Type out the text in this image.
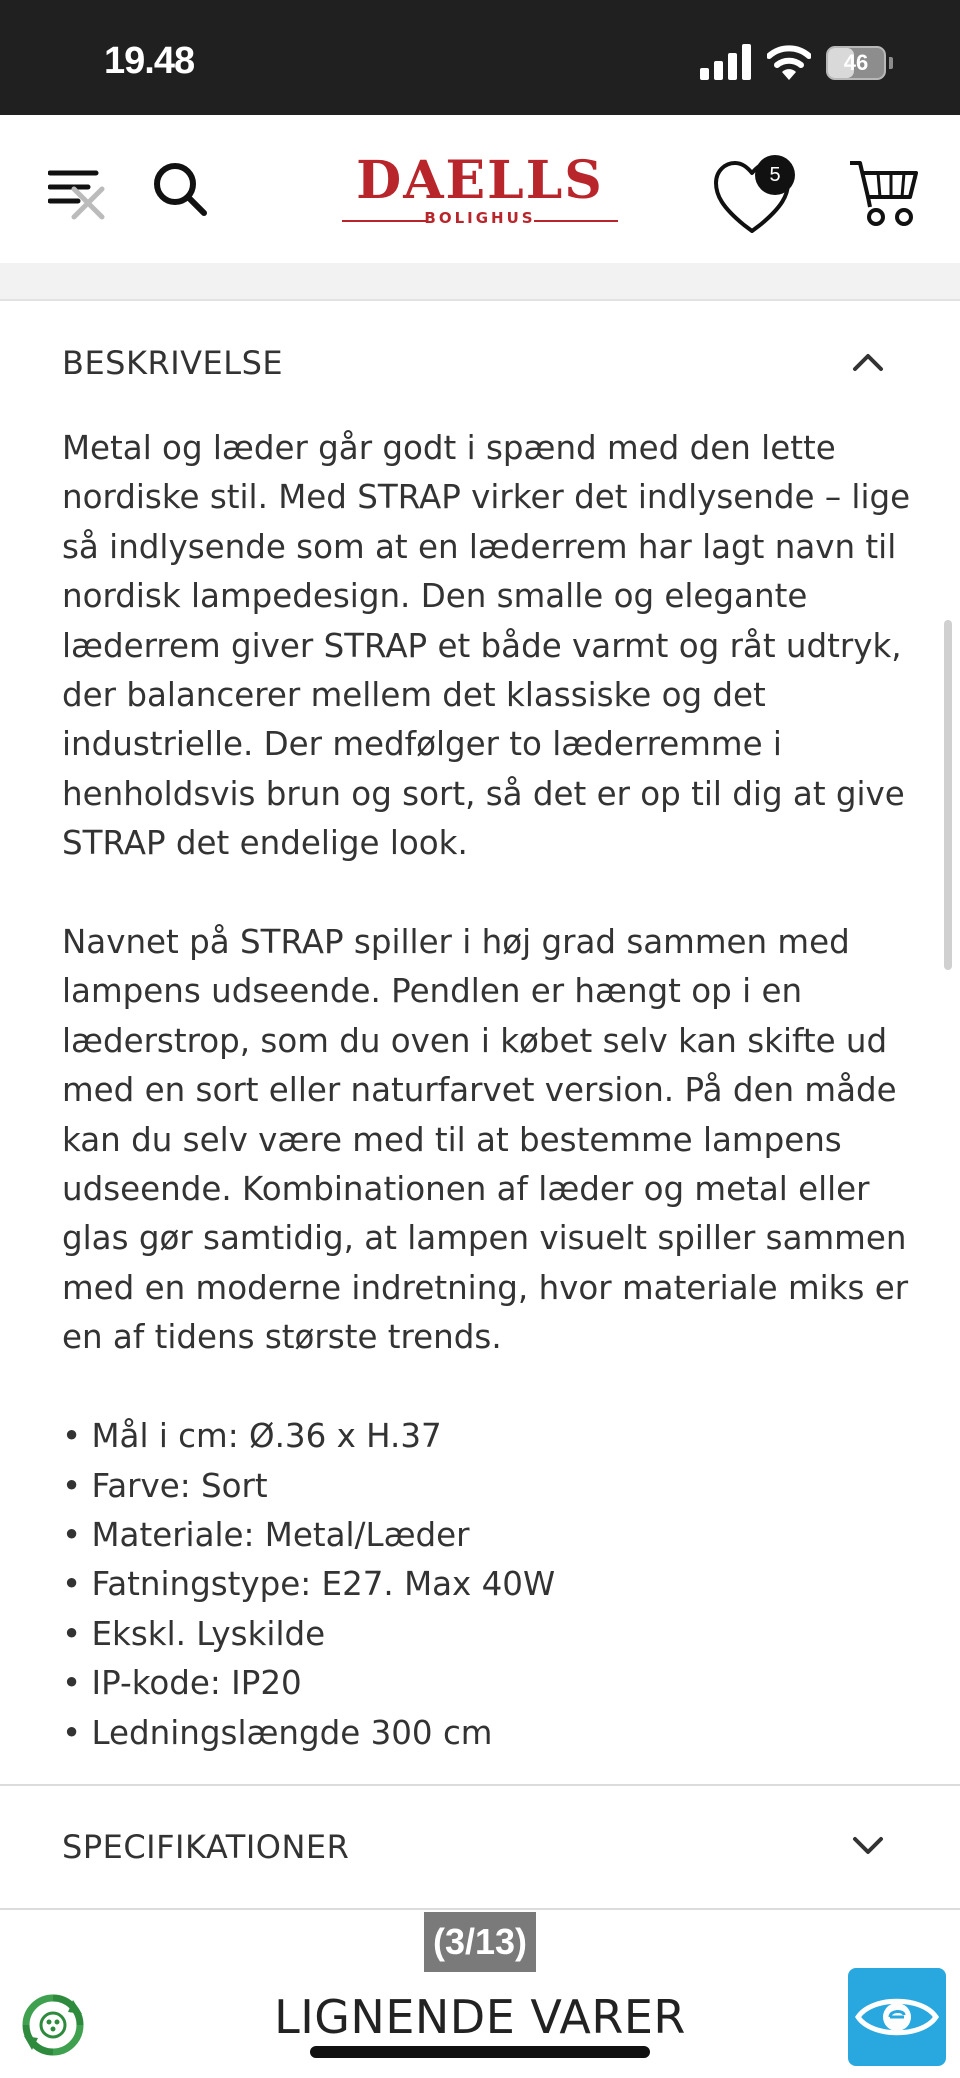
19.48	46
DAELLS
BOLIGHUS
5
BESKRIVELSE

Metal og læder går godt i spænd med den lette nordiske stil. Med STRAP virker det indlysende – lige så indlysende som at en læderrem har lagt navn til nordisk lampedesign. Den smalle og elegante læderrem giver STRAP et både varmt og råt udtryk, der balancerer mellem det klassiske og det industrielle. Der medfølger to læderremme i henholdsvis brun og sort, så det er op til dig at give STRAP det endelige look.

Navnet på STRAP spiller i høj grad sammen med lampens udseende. Pendlen er hængt op i en læderstrop, som du oven i købet selv kan skifte ud med en sort eller naturfarvet version. På den måde kan du selv være med til at bestemme lampens udseende. Kombinationen af læder og metal eller glas gør samtidig, at lampen visuelt spiller sammen med en moderne indretning, hvor materiale miks er en af tidens største trends.

• Mål i cm: Ø.36 x H.37
• Farve: Sort
• Materiale: Metal/Læder
• Fatningstype: E27. Max 40W
• Ekskl. Lyskilde
• IP-kode: IP20
• Ledningslængde 300 cm
SPECIFIKATIONER
(3/13)
LIGNENDE VARER
